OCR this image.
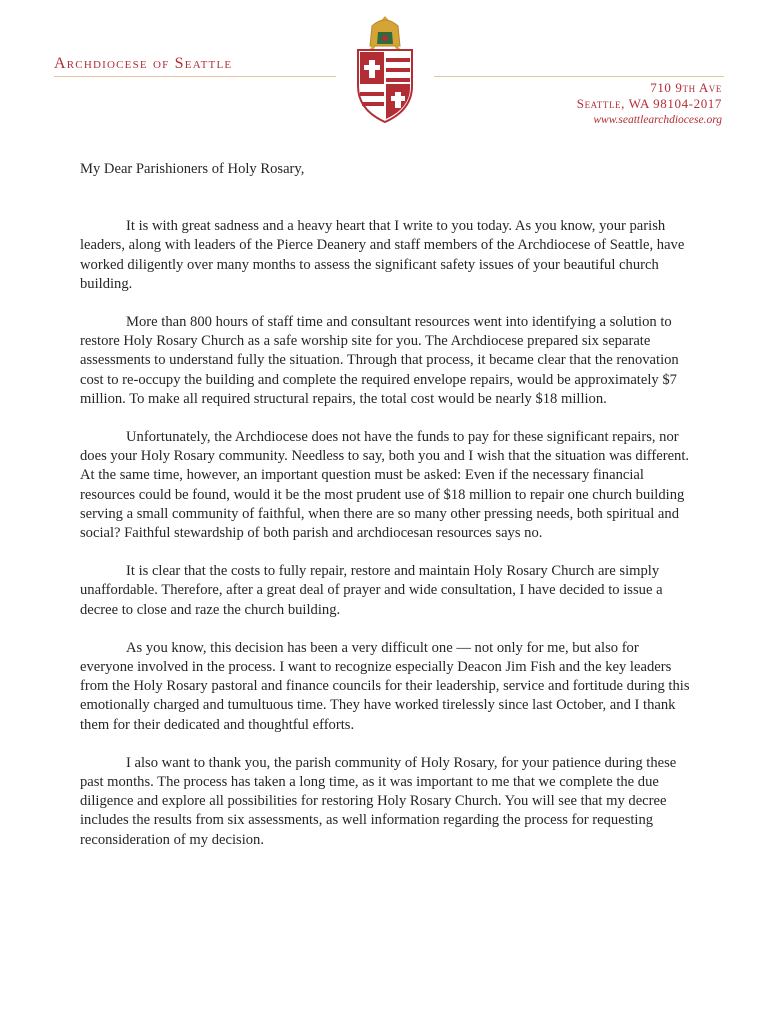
Archdiocese of Seattle
710 9th Ave
Seattle, WA 98104-2017
www.seattlearchdiocese.org

My Dear Parishioners of Holy Rosary,

It is with great sadness and a heavy heart that I write to you today. As you know, your parish leaders, along with leaders of the Pierce Deanery and staff members of the Archdiocese of Seattle, have worked diligently over many months to assess the significant safety issues of your beautiful church building.

More than 800 hours of staff time and consultant resources went into identifying a solution to restore Holy Rosary Church as a safe worship site for you. The Archdiocese prepared six separate assessments to understand fully the situation. Through that process, it became clear that the renovation cost to re-occupy the building and complete the required envelope repairs, would be approximately $7 million. To make all required structural repairs, the total cost would be nearly $18 million.

Unfortunately, the Archdiocese does not have the funds to pay for these significant repairs, nor does your Holy Rosary community. Needless to say, both you and I wish that the situation was different. At the same time, however, an important question must be asked: Even if the necessary financial resources could be found, would it be the most prudent use of $18 million to repair one church building serving a small community of faithful, when there are so many other pressing needs, both spiritual and social? Faithful stewardship of both parish and archdiocesan resources says no.

It is clear that the costs to fully repair, restore and maintain Holy Rosary Church are simply unaffordable. Therefore, after a great deal of prayer and wide consultation, I have decided to issue a decree to close and raze the church building.

As you know, this decision has been a very difficult one — not only for me, but also for everyone involved in the process. I want to recognize especially Deacon Jim Fish and the key leaders from the Holy Rosary pastoral and finance councils for their leadership, service and fortitude during this emotionally charged and tumultuous time. They have worked tirelessly since last October, and I thank them for their dedicated and thoughtful efforts.

I also want to thank you, the parish community of Holy Rosary, for your patience during these past months. The process has taken a long time, as it was important to me that we complete the due diligence and explore all possibilities for restoring Holy Rosary Church. You will see that my decree includes the results from six assessments, as well information regarding the process for requesting reconsideration of my decision.
